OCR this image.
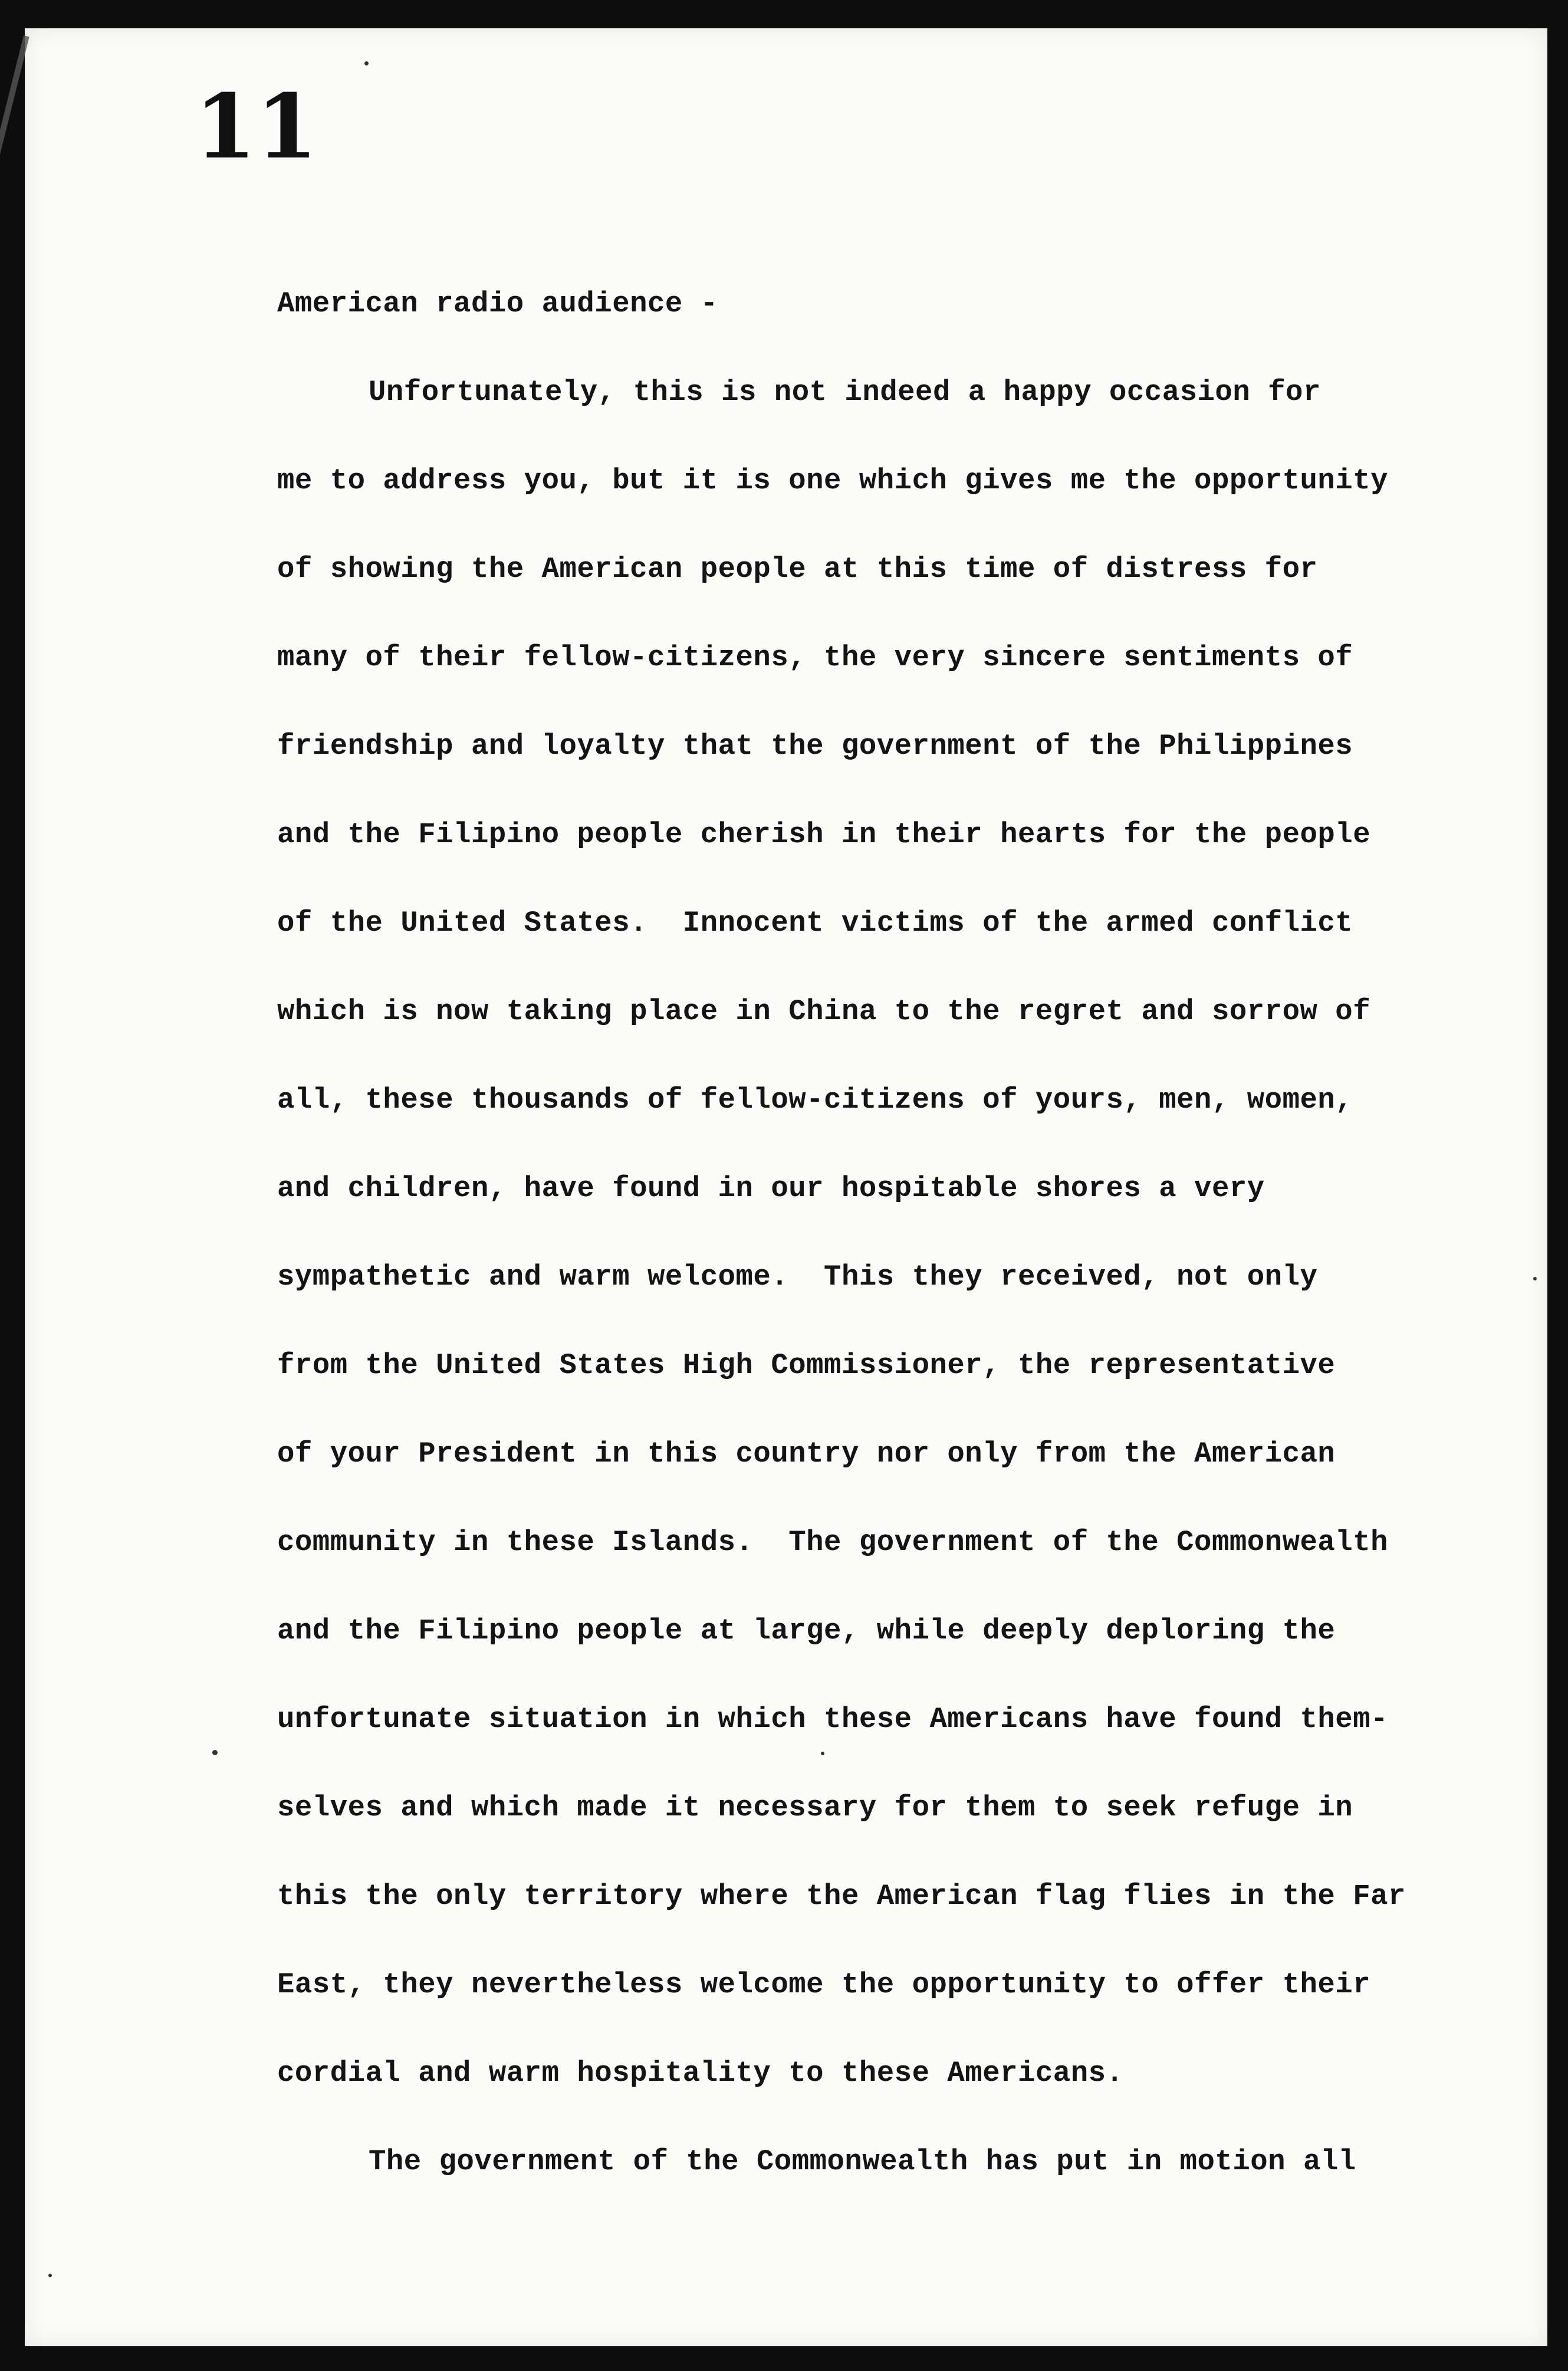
11

American radio audience -

Unfortunately, this is not indeed a happy occasion for

me to address you, but it is one which gives me the opportunity

of showing the American people at this time of distress for

many of their fellow-citizens, the very sincere sentiments of

friendship and loyalty that the government of the Philippines

and the Filipino people cherish in their hearts for the people

of the United States.  Innocent victims of the armed conflict

which is now taking place in China to the regret and sorrow of

all, these thousands of fellow-citizens of yours, men, women,

and children, have found in our hospitable shores a very

sympathetic and warm welcome.  This they received, not only

from the United States High Commissioner, the representative

of your President in this country nor only from the American

community in these Islands.  The government of the Commonwealth

and the Filipino people at large, while deeply deploring the

unfortunate situation in which these Americans have found them-

selves and which made it necessary for them to seek refuge in

this the only territory where the American flag flies in the Far

East, they nevertheless welcome the opportunity to offer their

cordial and warm hospitality to these Americans.

The government of the Commonwealth has put in motion all
